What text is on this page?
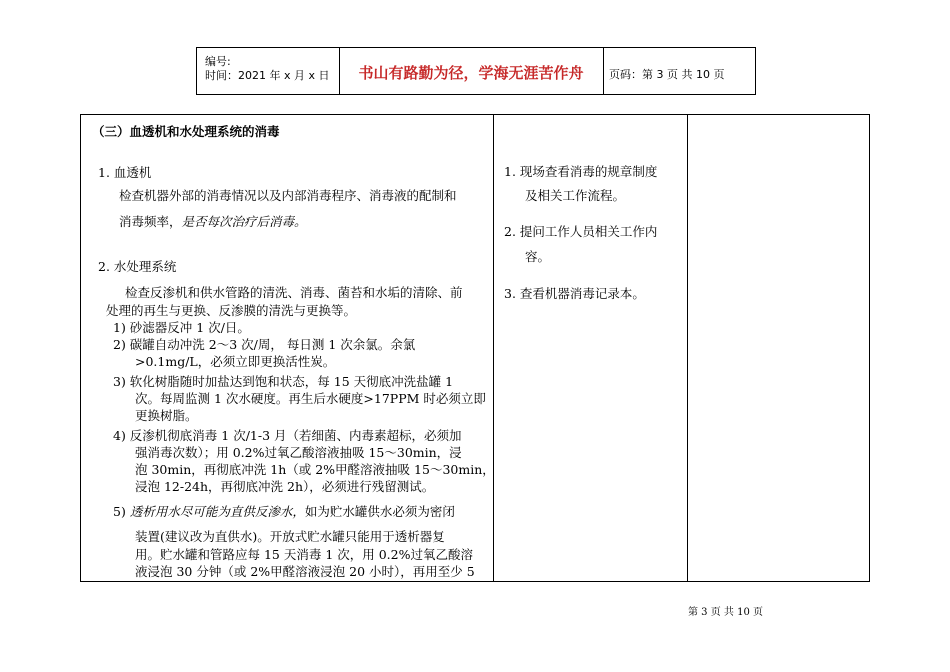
编号:
时间：2021 年 x 月 x 日	书山有路勤为径，学海无涯苦作舟	页码：第 3 页 共 10 页
（三）血透机和水处理系统的消毒
1. 血透机
检查机器外部的消毒情况以及内部消毒程序、消毒液的配制和
消毒频率，是否每次治疗后消毒。
2. 水处理系统
检查反渗机和供水管路的清洗、消毒、菌苔和水垢的清除、前
处理的再生与更换、反渗膜的清洗与更换等。
1) 砂滤器反冲 1 次/日。
2) 碳罐自动冲洗 2～3 次/周， 每日测 1 次余氯。余氯
>0.1mg/L，必须立即更换活性炭。
3) 软化树脂随时加盐达到饱和状态，每 15 天彻底冲洗盐罐 1
次。每周监测 1 次水硬度。再生后水硬度>17PPM 时必须立即
更换树脂。
4) 反渗机彻底消毒 1 次/1-3 月（若细菌、内毒素超标，必须加
强消毒次数）；用 0.2%过氧乙酸溶液抽吸 15～30min，浸
泡 30min，再彻底冲洗 1h（或 2%甲醛溶液抽吸 15～30min，
浸泡 12-24h，再彻底冲洗 2h），必须进行残留测试。
5) 透析用水尽可能为直供反渗水，如为贮水罐供水必须为密闭
装置(建议改为直供水)。开放式贮水罐只能用于透析器复
用。贮水罐和管路应每 15 天消毒 1 次，用 0.2%过氧乙酸溶
液浸泡 30 分钟（或 2%甲醛溶液浸泡 20 小时），再用至少 5
1. 现场查看消毒的规章制度
及相关工作流程。
2. 提问工作人员相关工作内
容。
3. 查看机器消毒记录本。
第 3 页 共 10 页
